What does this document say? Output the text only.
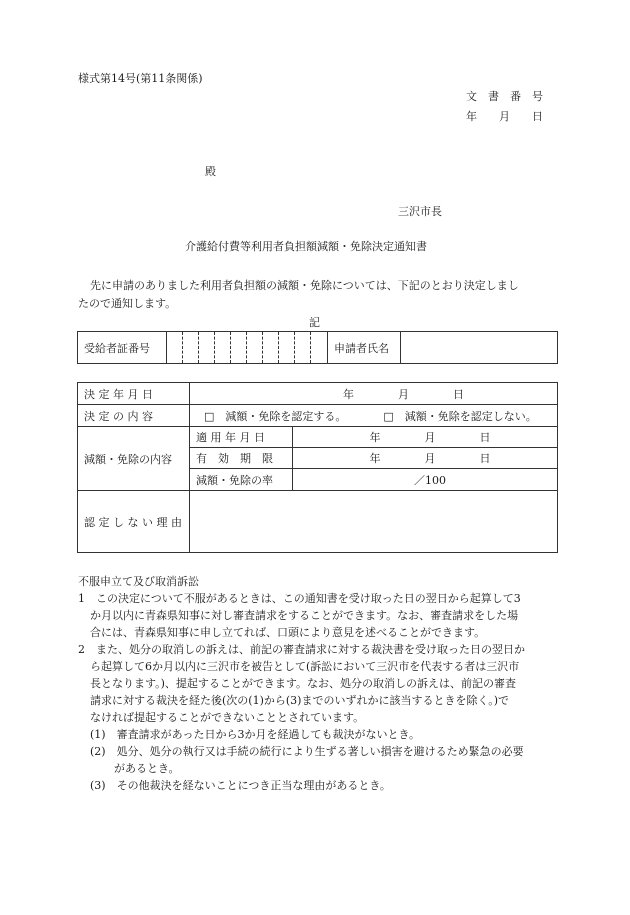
様式第14号(第11条関係)
文　書　番　号
年　　月　　日
殿
三沢市長
介護給付費等利用者負担額減額・免除決定通知書
先に申請のありました利用者負担額の減額・免除については、下記のとおり決定しまし
たので通知します。
記
受給者証番号											申請者氏名	
決 定 年 月 日	年　　　　月　　　　日	
決 定 の 内 容	□　減額・免除を認定する。 □　減額・免除を認定しない。	
減額・免除の内容	適 用 年 月 日	年　　　　月　　　　日
	有　効　期　限	年　　　　月　　　　日
	減額・免除の率	／100
認 定 し な い 理 由		

不服申立て及び取消訴訟

1　この決定について不服があるときは、この通知書を受け取った日の翌日から起算して3

か月以内に青森県知事に対し審査請求をすることができます。なお、審査請求をした場

合には、青森県知事に申し立てれば、口頭により意見を述べることができます。

2　また、処分の取消しの訴えは、前記の審査請求に対する裁決書を受け取った日の翌日か

ら起算して6か月以内に三沢市を被告として(訴訟において三沢市を代表する者は三沢市

長となります。)、提起することができます。なお、処分の取消しの訴えは、前記の審査

請求に対する裁決を経た後(次の(1)から(3)までのいずれかに該当するときを除く。)で

なければ提起することができないこととされています。

(1)　審査請求があった日から3か月を経過しても裁決がないとき。

(2)　処分、処分の執行又は手続の続行により生ずる著しい損害を避けるため緊急の必要

があるとき。

(3)　その他裁決を経ないことにつき正当な理由があるとき。
